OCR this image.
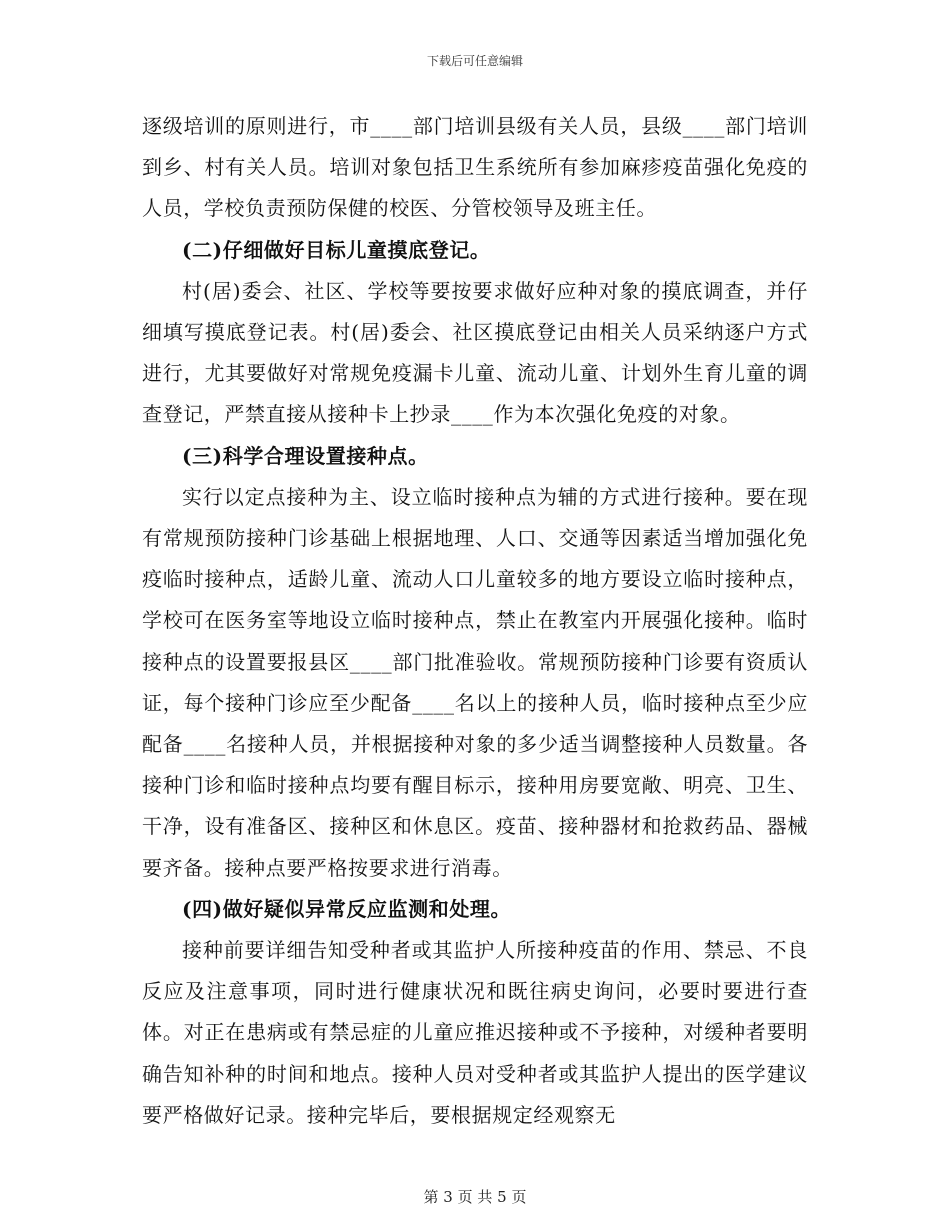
下载后可任意编辑

逐级培训的原则进行，市____部门培训县级有关人员，县级____部门培训到乡、村有关人员。培训对象包括卫生系统所有参加麻疹疫苗强化免疫的人员，学校负责预防保健的校医、分管校领导及班主任。

(二)仔细做好目标儿童摸底登记。

村(居)委会、社区、学校等要按要求做好应种对象的摸底调查，并仔细填写摸底登记表。村(居)委会、社区摸底登记由相关人员采纳逐户方式进行，尤其要做好对常规免疫漏卡儿童、流动儿童、计划外生育儿童的调查登记，严禁直接从接种卡上抄录____作为本次强化免疫的对象。

(三)科学合理设置接种点。

实行以定点接种为主、设立临时接种点为辅的方式进行接种。要在现有常规预防接种门诊基础上根据地理、人口、交通等因素适当增加强化免疫临时接种点，适龄儿童、流动人口儿童较多的地方要设立临时接种点，学校可在医务室等地设立临时接种点，禁止在教室内开展强化接种。临时接种点的设置要报县区____部门批准验收。常规预防接种门诊要有资质认证，每个接种门诊应至少配备____名以上的接种人员，临时接种点至少应配备____名接种人员，并根据接种对象的多少适当调整接种人员数量。各接种门诊和临时接种点均要有醒目标示，接种用房要宽敞、明亮、卫生、干净，设有准备区、接种区和休息区。疫苗、接种器材和抢救药品、器械要齐备。接种点要严格按要求进行消毒。

(四)做好疑似异常反应监测和处理。

接种前要详细告知受种者或其监护人所接种疫苗的作用、禁忌、不良反应及注意事项，同时进行健康状况和既往病史询问，必要时要进行查体。对正在患病或有禁忌症的儿童应推迟接种或不予接种，对缓种者要明确告知补种的时间和地点。接种人员对受种者或其监护人提出的医学建议要严格做好记录。接种完毕后，要根据规定经观察无

第 3 页 共 5 页
